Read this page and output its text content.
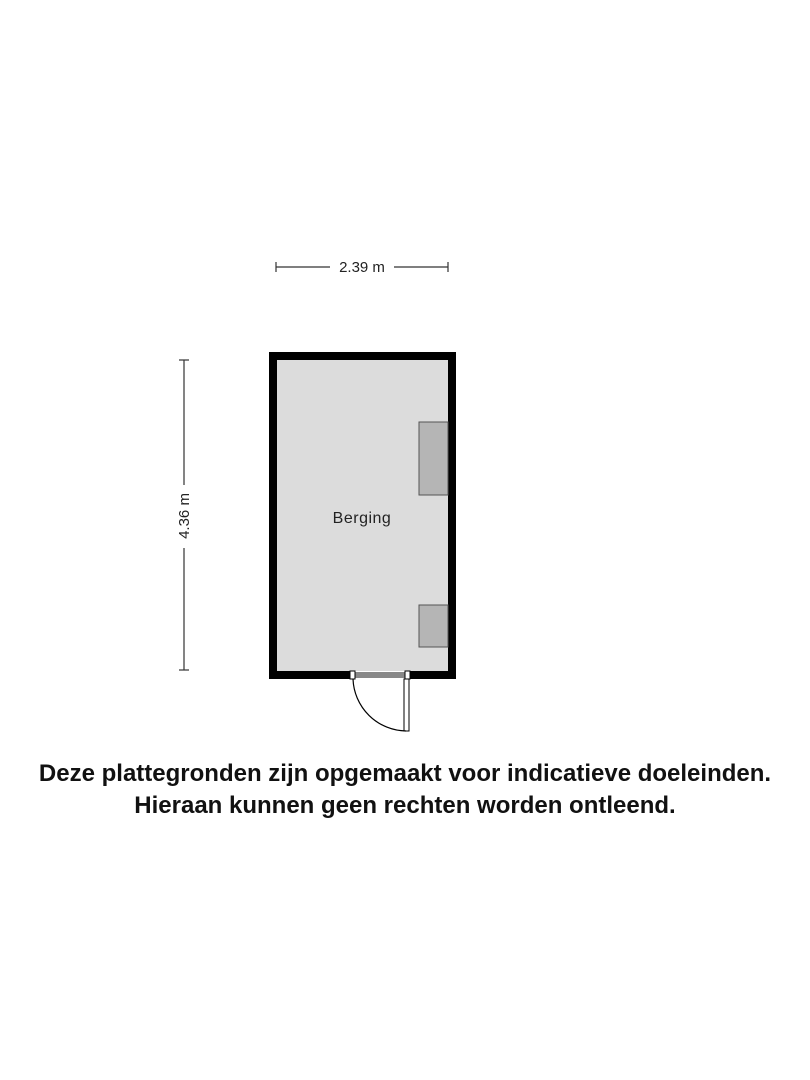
2.39 m
4.36 m	Berging
Deze plattegronden zijn opgemaakt voor indicatieve doeleinden.
Hieraan kunnen geen rechten worden ontleend.
